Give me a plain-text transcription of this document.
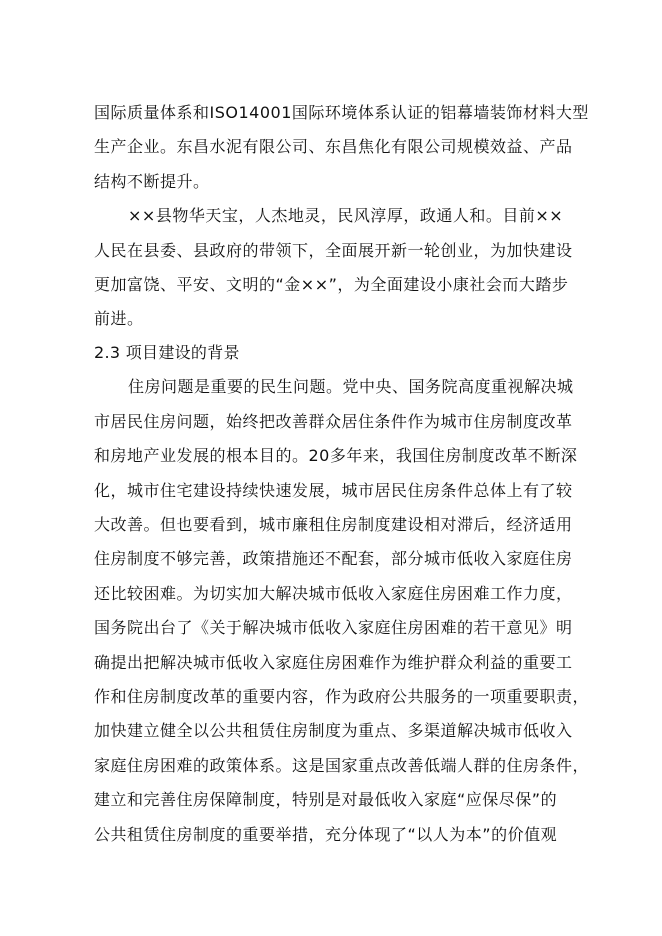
国际质量体系和ISO14001国际环境体系认证的铝幕墙装饰材料大型
生产企业。东昌水泥有限公司、东昌焦化有限公司规模效益、产品
结构不断提升。
××县物华天宝，人杰地灵，民风淳厚，政通人和。目前××
人民在县委、县政府的带领下，全面展开新一轮创业，为加快建设
更加富饶、平安、文明的“金××”，为全面建设小康社会而大踏步
前进。
2.3 项目建设的背景
住房问题是重要的民生问题。党中央、国务院高度重视解决城
市居民住房问题，始终把改善群众居住条件作为城市住房制度改革
和房地产业发展的根本目的。20多年来，我国住房制度改革不断深
化，城市住宅建设持续快速发展，城市居民住房条件总体上有了较
大改善。但也要看到，城市廉租住房制度建设相对滞后，经济适用
住房制度不够完善，政策措施还不配套，部分城市低收入家庭住房
还比较困难。为切实加大解决城市低收入家庭住房困难工作力度，
国务院出台了《关于解决城市低收入家庭住房困难的若干意见》明
确提出把解决城市低收入家庭住房困难作为维护群众利益的重要工
作和住房制度改革的重要内容，作为政府公共服务的一项重要职责，
加快建立健全以公共租赁住房制度为重点、多渠道解决城市低收入
家庭住房困难的政策体系。这是国家重点改善低端人群的住房条件，
建立和完善住房保障制度，特别是对最低收入家庭“应保尽保”的
公共租赁住房制度的重要举措，充分体现了“以人为本”的价值观
